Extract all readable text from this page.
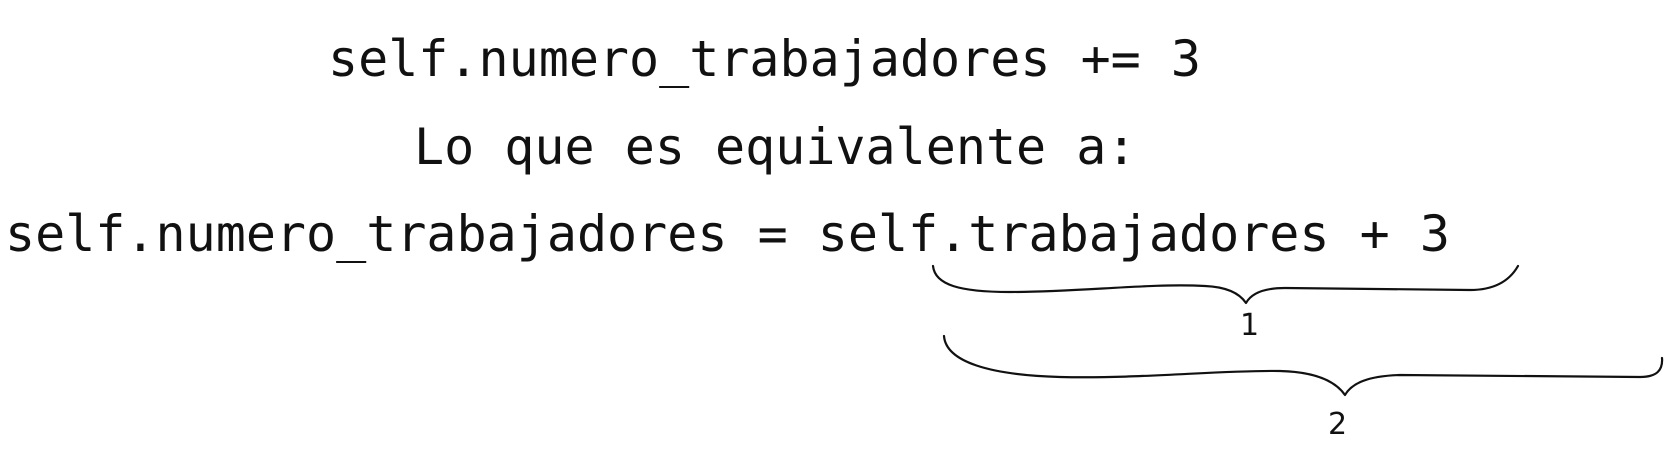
self.numero_trabajadores += 3
Lo que es equivalente a:
self.numero_trabajadores = self.trabajadores + 3
1
2
